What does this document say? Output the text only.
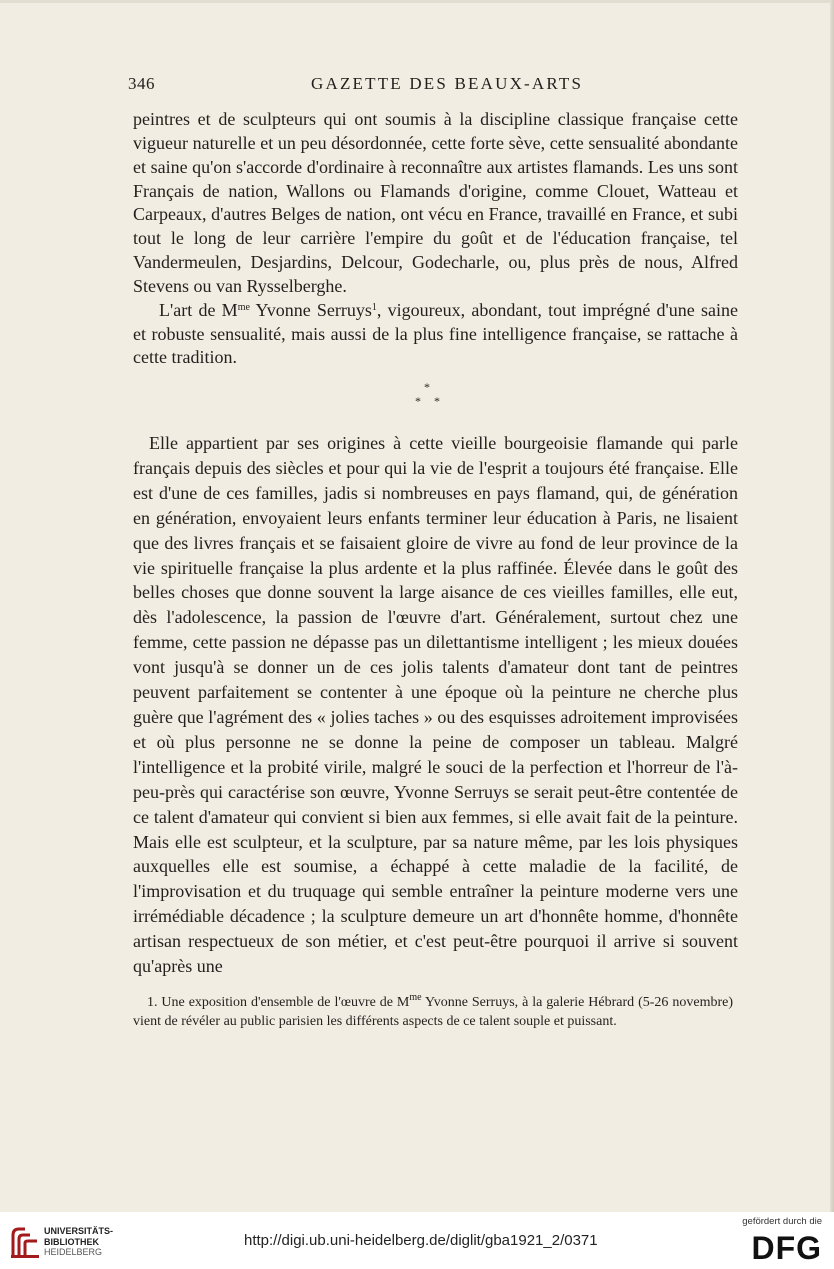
346	GAZETTE DES BEAUX-ARTS

peintres et de sculpteurs qui ont soumis à la discipline classique française cette vigueur naturelle et un peu désordonnée, cette forte sève, cette sensualité abondante et saine qu'on s'accorde d'ordinaire à reconnaître aux artistes flamands. Les uns sont Français de nation, Wallons ou Flamands d'origine, comme Clouet, Watteau et Carpeaux, d'autres Belges de nation, ont vécu en France, travaillé en France, et subi tout le long de leur carrière l'empire du goût et de l'éducation française, tel Vandermeulen, Desjardins, Delcour, Godecharle, ou, plus près de nous, Alfred Stevens ou van Rysselberghe.

L'art de $M^{me}$ Yvonne Serruys$^1$, vigoureux, abondant, tout imprégné d'une saine et robuste sensualité, mais aussi de la plus fine intelligence française, se rattache à cette tradition.

*
* *

Elle appartient par ses origines à cette vieille bourgeoisie flamande qui parle français depuis des siècles et pour qui la vie de l'esprit a toujours été française. Elle est d'une de ces familles, jadis si nombreuses en pays flamand, qui, de génération en génération, envoyaient leurs enfants terminer leur éducation à Paris, ne lisaient que des livres français et se faisaient gloire de vivre au fond de leur province de la vie spirituelle française la plus ardente et la plus raffinée. Élevée dans le goût des belles choses que donne souvent la large aisance de ces vieilles familles, elle eut, dès l'adolescence, la passion de l'œuvre d'art. Généralement, surtout chez une femme, cette passion ne dépasse pas un dilettantisme intelligent ; les mieux douées vont jusqu'à se donner un de ces jolis talents d'amateur dont tant de peintres peuvent parfaitement se contenter à une époque où la peinture ne cherche plus guère que l'agrément des « jolies taches » ou des esquisses adroitement improvisées et où plus personne ne se donne la peine de composer un tableau. Malgré l'intelligence et la probité virile, malgré le souci de la perfection et l'horreur de l'à-peu-près qui caractérise son œuvre, Yvonne Serruys se serait peut-être contentée de ce talent d'amateur qui convient si bien aux femmes, si elle avait fait de la peinture. Mais elle est sculpteur, et la sculpture, par sa nature même, par les lois physiques auxquelles elle est soumise, a échappé à cette maladie de la facilité, de l'improvisation et du truquage qui semble entraîner la peinture moderne vers une irrémédiable décadence ; la sculpture demeure un art d'honnête homme, d'honnête artisan respectueux de son métier, et c'est peut-être pourquoi il arrive si souvent qu'après une

1. Une exposition d'ensemble de l'œuvre de $M^{me}$ Yvonne Serruys, à la galerie Hébrard (5-26 novembre) vient de révéler au public parisien les différents aspects de ce talent souple et puissant.

UNIVERSITÄTS-
BIBLIOTHEK
HEIDELBERG
http://digi.ub.uni-heidelberg.de/diglit/gba1921_2/0371
gefördert durch die
DFG
